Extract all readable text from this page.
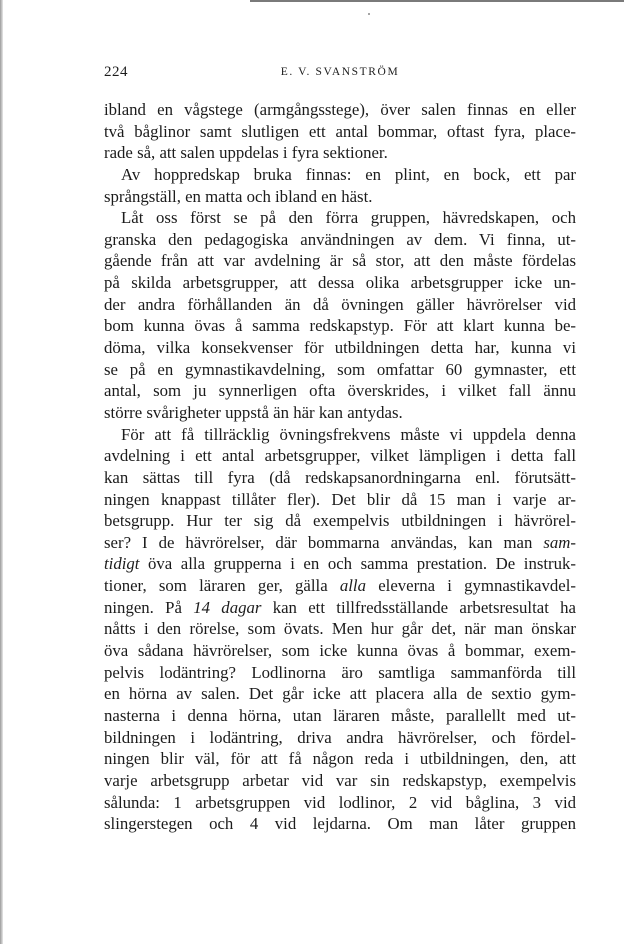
224	E. V. SVANSTRÖM
ibland en vågstege (armgångsstege), över salen finnas en eller
två båglinor samt slutligen ett antal bommar, oftast fyra, place-
rade så, att salen uppdelas i fyra sektioner.
Av hoppredskap bruka finnas: en plint, en bock, ett par
språngställ, en matta och ibland en häst.
Låt oss först se på den förra gruppen, hävredskapen, och
granska den pedagogiska användningen av dem. Vi finna, ut-
gående från att var avdelning är så stor, att den måste fördelas
på skilda arbetsgrupper, att dessa olika arbetsgrupper icke un-
der andra förhållanden än då övningen gäller hävrörelser vid
bom kunna övas å samma redskapstyp. För att klart kunna be-
döma, vilka konsekvenser för utbildningen detta har, kunna vi
se på en gymnastikavdelning, som omfattar 60 gymnaster, ett
antal, som ju synnerligen ofta överskrides, i vilket fall ännu
större svårigheter uppstå än här kan antydas.
För att få tillräcklig övningsfrekvens måste vi uppdela denna
avdelning i ett antal arbetsgrupper, vilket lämpligen i detta fall
kan sättas till fyra (då redskapsanordningarna enl. förutsätt-
ningen knappast tillåter fler). Det blir då 15 man i varje ar-
betsgrupp. Hur ter sig då exempelvis utbildningen i hävrörel-
ser? I de hävrörelser, där bommarna användas, kan man sam-
tidigt öva alla grupperna i en och samma prestation. De instruk-
tioner, som läraren ger, gälla alla eleverna i gymnastikavdel-
ningen. På 14 dagar kan ett tillfredsställande arbetsresultat ha
nåtts i den rörelse, som övats. Men hur går det, när man önskar
öva sådana hävrörelser, som icke kunna övas å bommar, exem-
pelvis lodäntring? Lodlinorna äro samtliga sammanförda till
en hörna av salen. Det går icke att placera alla de sextio gym-
nasterna i denna hörna, utan läraren måste, parallellt med ut-
bildningen i lodäntring, driva andra hävrörelser, och fördel-
ningen blir väl, för att få någon reda i utbildningen, den, att
varje arbetsgrupp arbetar vid var sin redskapstyp, exempelvis
sålunda: 1 arbetsgruppen vid lodlinor, 2 vid båglina, 3 vid
slingerstegen och 4 vid lejdarna. Om man låter gruppen
